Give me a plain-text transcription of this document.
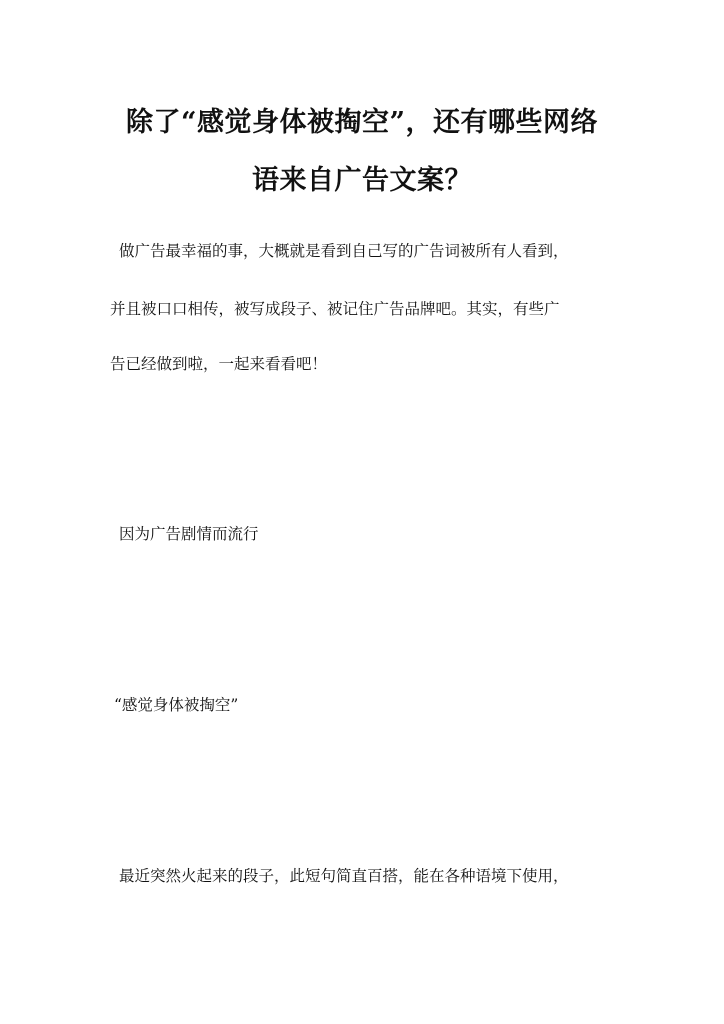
除了“感觉身体被掏空”，还有哪些网络
语来自广告文案？
做广告最幸福的事，大概就是看到自己写的广告词被所有人看到，
并且被口口相传，被写成段子、被记住广告品牌吧。其实，有些广
告已经做到啦，一起来看看吧！
因为广告剧情而流行
“感觉身体被掏空”
最近突然火起来的段子，此短句简直百搭，能在各种语境下使用，
